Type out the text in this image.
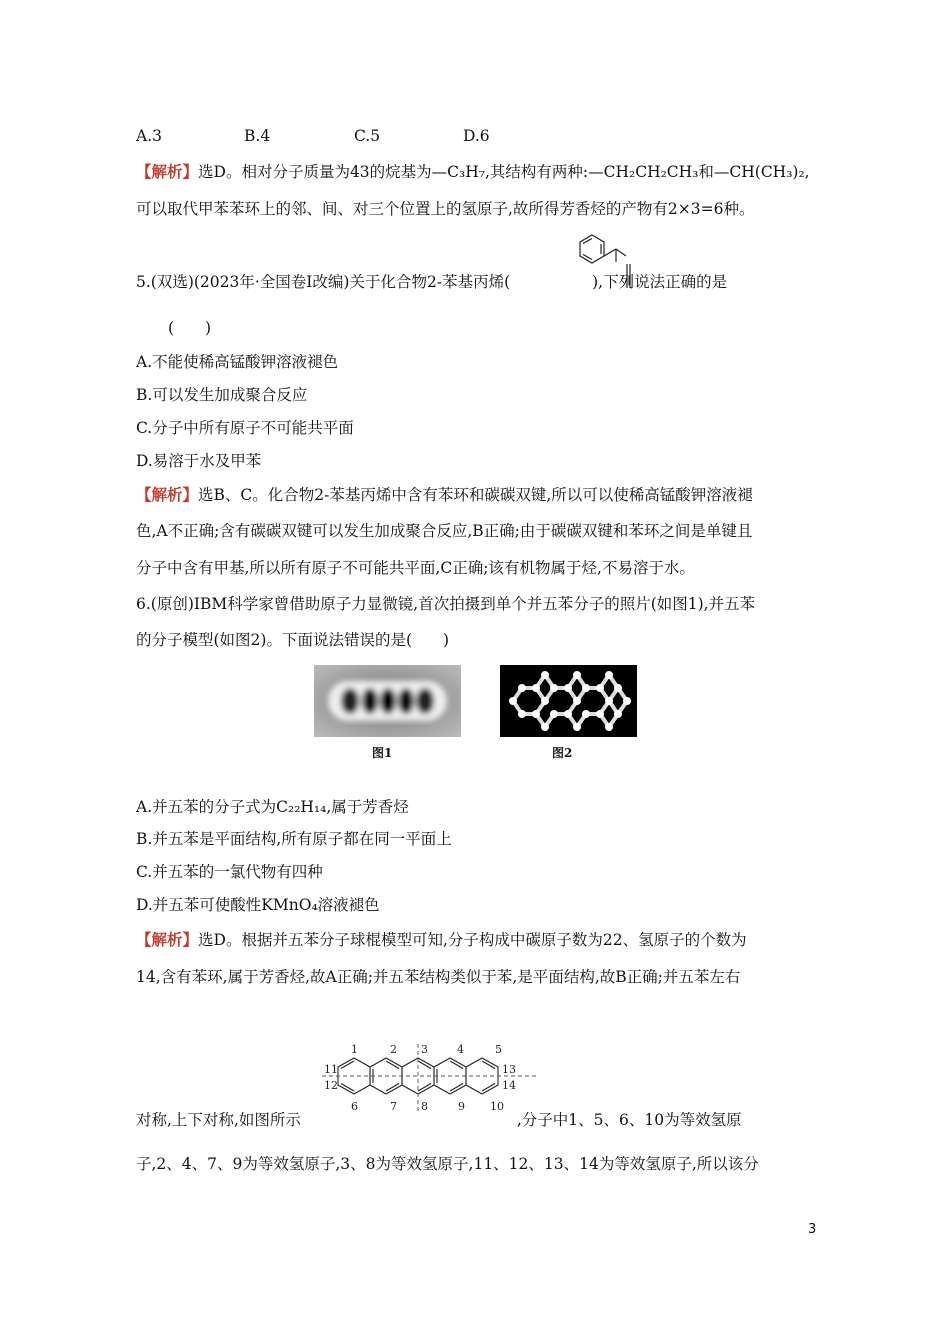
A.3	B.4	C.5	D.6
【解析】选D。相对分子质量为43的烷基为—C₃H₇,其结构有两种:—CH₂CH₂CH₃和—CH(CH₃)₂,
可以取代甲苯苯环上的邻、间、对三个位置上的氢原子,故所得芳香烃的产物有2×3=6种。
5.(双选)(2023年·全国卷Ⅰ改编)关于化合物2-苯基丙烯(	),下列说法正确的是
(　　)
A.不能使稀高锰酸钾溶液褪色
B.可以发生加成聚合反应
C.分子中所有原子不可能共平面
D.易溶于水及甲苯
【解析】选B、C。化合物2-苯基丙烯中含有苯环和碳碳双键,所以可以使稀高锰酸钾溶液褪
色,A不正确;含有碳碳双键可以发生加成聚合反应,B正确;由于碳碳双键和苯环之间是单键且
分子中含有甲基,所以所有原子不可能共平面,C正确;该有机物属于烃,不易溶于水。
6.(原创)IBM科学家曾借助原子力显微镜,首次拍摄到单个并五苯分子的照片(如图1),并五苯
的分子模型(如图2)。下面说法错误的是(　　)
图1	图2
A.并五苯的分子式为C₂₂H₁₄,属于芳香烃
B.并五苯是平面结构,所有原子都在同一平面上
C.并五苯的一氯代物有四种
D.并五苯可使酸性KMnO₄溶液褪色
【解析】选D。根据并五苯分子球棍模型可知,分子构成中碳原子数为22、氢原子的个数为
14,含有苯环,属于芳香烃,故A正确;并五苯结构类似于苯,是平面结构,故B正确;并五苯左右
1	2 3	4	5
6	7 8	9 10
11
12
13
14
对称,上下对称,如图所示	,分子中1、5、6、10为等效氢原
子,2、4、7、9为等效氢原子,3、8为等效氢原子,11、12、13、14为等效氢原子,所以该分
3
